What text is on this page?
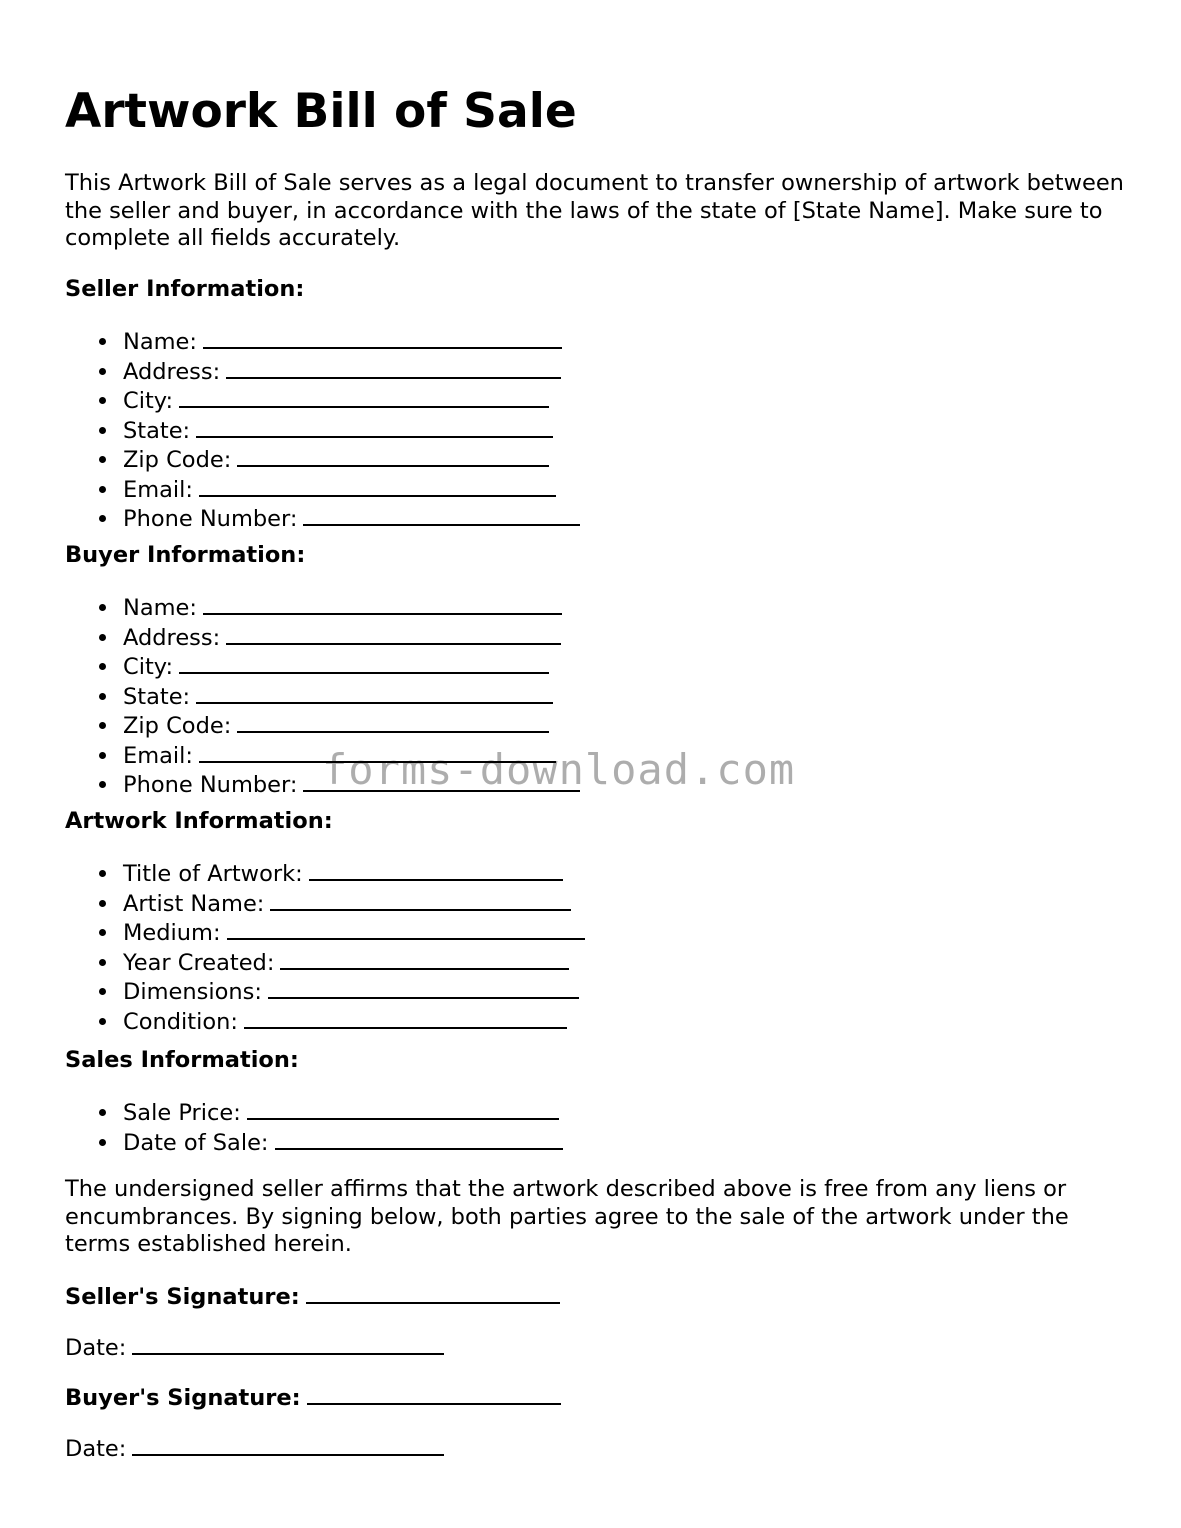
Artwork Bill of Sale

This Artwork Bill of Sale serves as a legal document to transfer ownership of artwork between the seller and buyer, in accordance with the laws of the state of [State Name]. Make sure to complete all fields accurately.

Seller Information:
Name:
Address:
City:
State:
Zip Code:
Email:
Phone Number:
Buyer Information:
Name:
Address:
City:
State:
Zip Code:
Email:
Phone Number:
Artwork Information:
Title of Artwork:
Artist Name:
Medium:
Year Created:
Dimensions:
Condition:
Sales Information:
Sale Price:
Date of Sale:

The undersigned seller affirms that the artwork described above is free from any liens or encumbrances. By signing below, both parties agree to the sale of the artwork under the terms established herein.

Seller's Signature:
Date:
Buyer's Signature:
Date:
forms-download.com
